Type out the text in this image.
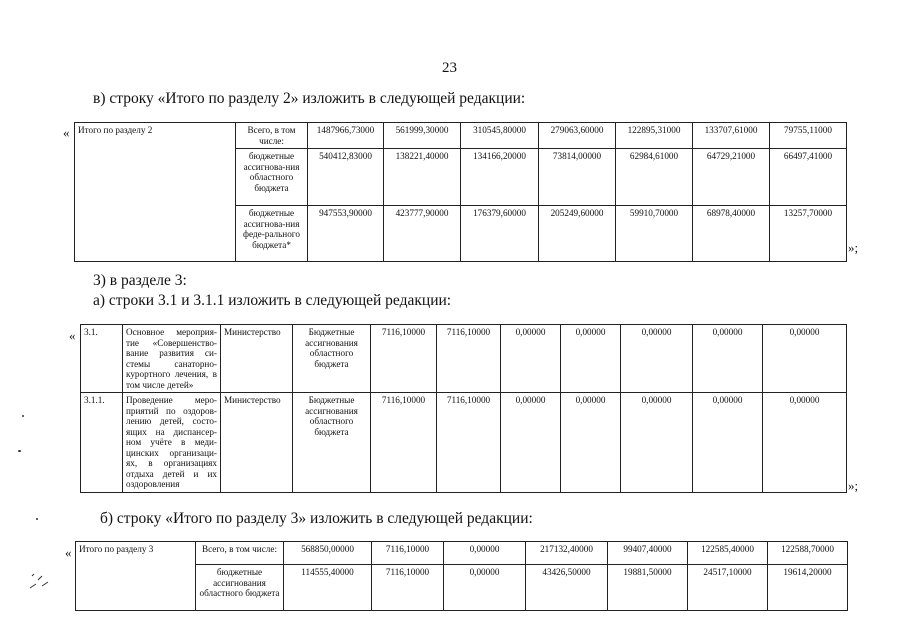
23
в) строку «Итого по разделу 2» изложить в следующей редакции:
« Итого по разделу 2	Всего, в том числе:	1487966,73000	561999,30000	310545,80000	279063,60000	122895,31000	133707,61000	79755,11000
	бюджетные ассигнова-ния областного бюджета	540412,83000	138221,40000	134166,20000	73814,00000	62984,61000	64729,21000	66497,41000
	бюджетные ассигнова-ния феде-рального бюджета*	947553,90000	423777,90000	176379,60000	205249,60000	59910,70000	68978,40000	13257,70000
»;
3) в разделе 3:
а) строки 3.1 и 3.1.1 изложить в следующей редакции:
« 3.1.	Основное мероприя-тие «Совершенство-вание развития си-стемы санаторно-курортного лечения, в том числе детей»	Министерство	Бюджетные ассигнования областного бюджета	7116,10000	7116,10000	0,00000	0,00000	0,00000	0,00000	0,00000
3.1.1.	Проведение меро-приятий по оздоров-лению детей, состо-ящих на диспансер-ном учёте в меди-цинских организаци-ях, в организациях отдыха детей и их оздоровления	Министерство	Бюджетные ассигнования областного бюджета	7116,10000	7116,10000	0,00000	0,00000	0,00000	0,00000	0,00000
»;
б) строку «Итого по разделу 3» изложить в следующей редакции:
« Итого по разделу 3	Всего, в том числе:	568850,00000	7116,10000	0,00000	217132,40000	99407,40000	122585,40000	122588,70000
	бюджетные ассигнования областного бюджета	114555,40000	7116,10000	0,00000	43426,50000	19881,50000	24517,10000	19614,20000
